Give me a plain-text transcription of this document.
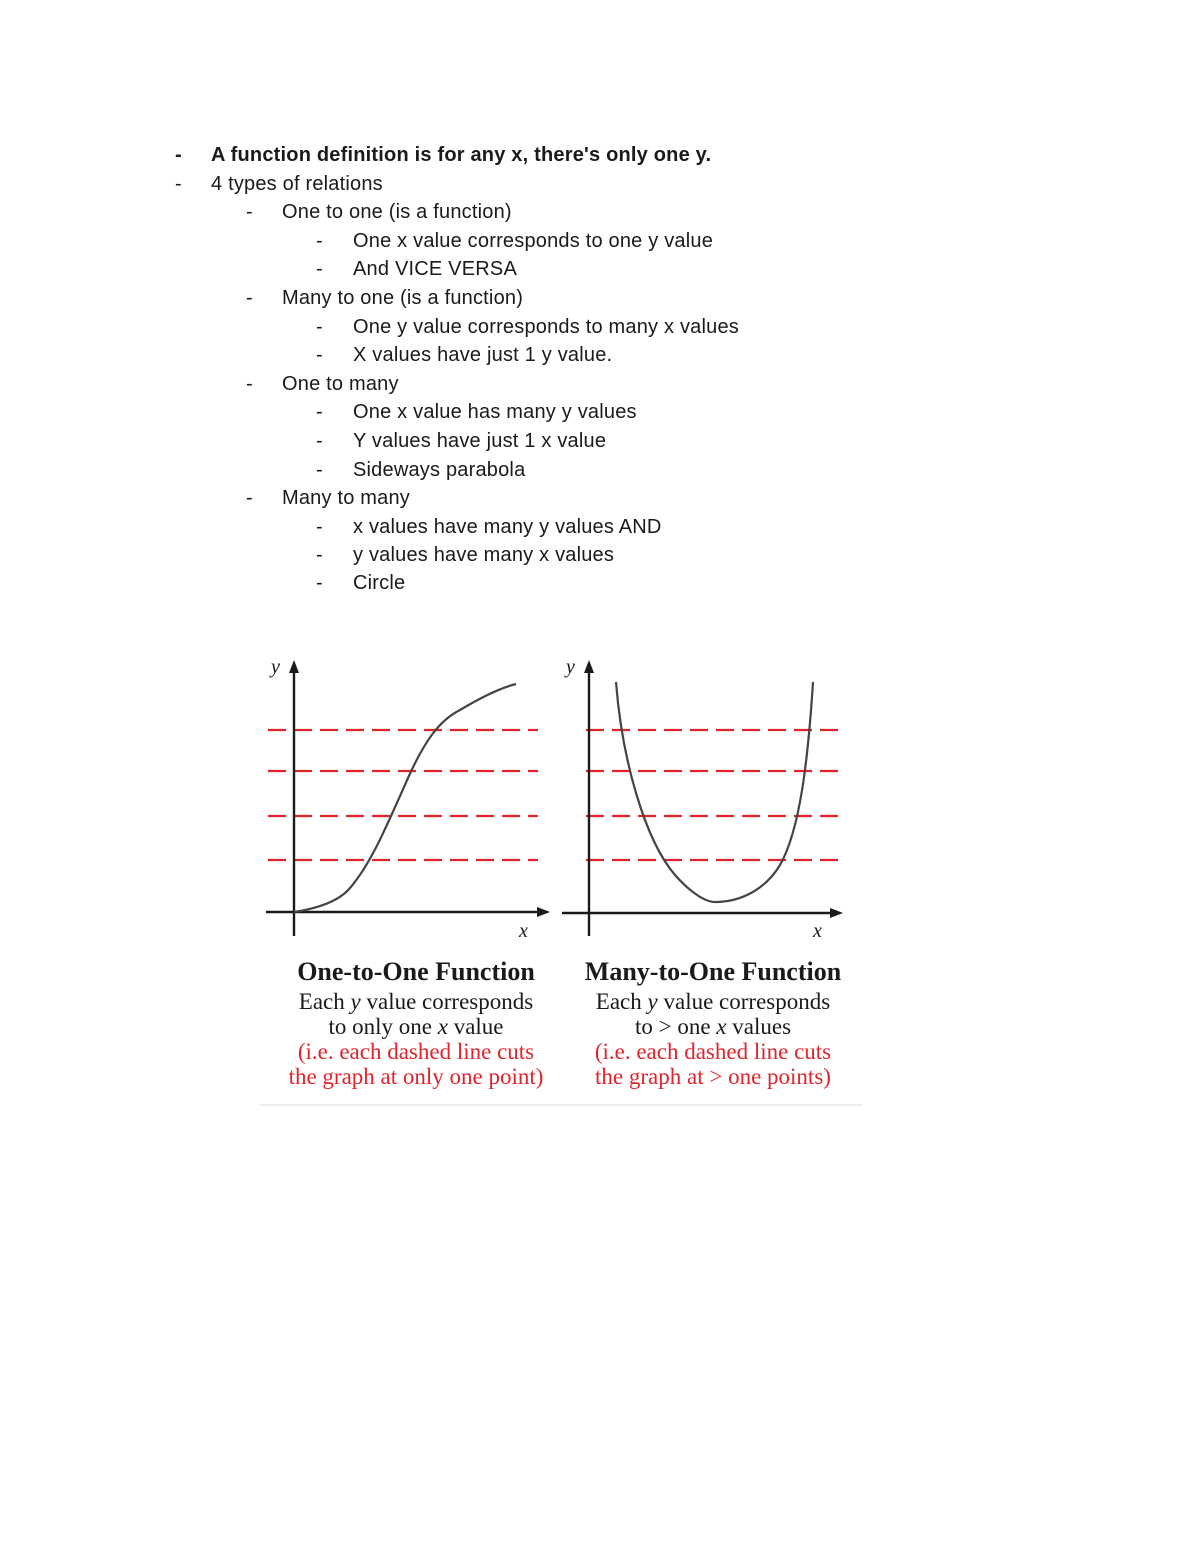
- A function definition is for any x, there's only one y.
- 4 types of relations
- One to one (is a function)
- One x value corresponds to one y value
- And VICE VERSA
- Many to one (is a function)
- One y value corresponds to many x values
- X values have just 1 y value.
- One to many
- One x value has many y values
- Y values have just 1 x value
- Sideways parabola
- Many to many
- x values have many y values AND
- y values have many x values
- Circle
y
x
y
x
One-to-One Function
Each y value corresponds
to only one x value
(i.e. each dashed line cuts
the graph at only one point)
Many-to-One Function
Each y value corresponds
to > one x values
(i.e. each dashed line cuts
the graph at > one points)
